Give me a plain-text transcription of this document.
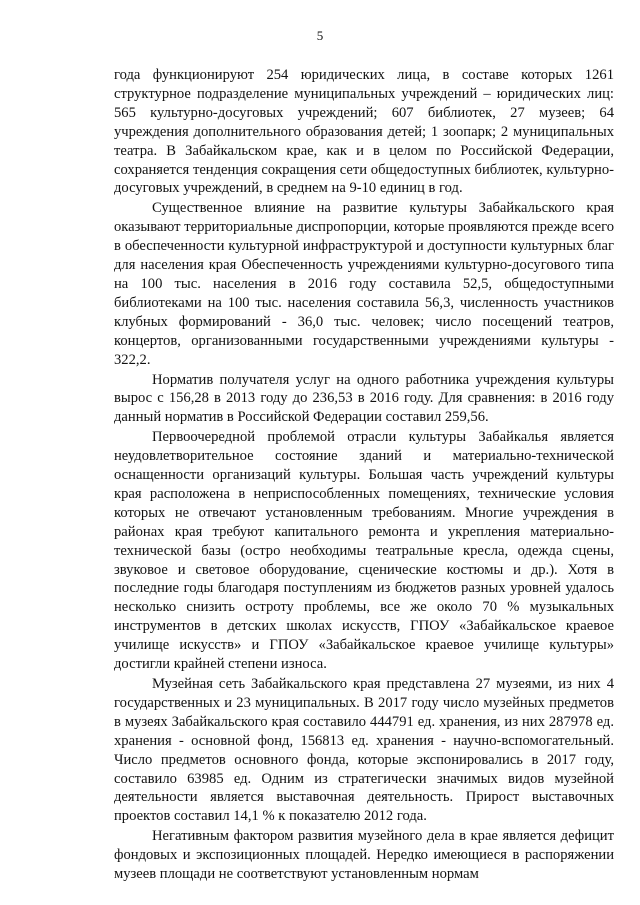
5

года функционируют 254 юридических лица, в составе которых 1261 структурное подразделение муниципальных учреждений – юридических лиц: 565 культурно-досуговых учреждений; 607 библиотек, 27 музеев; 64 учреждения дополнительного образования детей; 1 зоопарк; 2 муниципальных театра. В Забайкальском крае, как и в целом по Российской Федерации, сохраняется тенденция сокращения сети общедоступных библиотек, культурно-досуговых учреждений, в среднем на 9-10 единиц в год.

Существенное влияние на развитие культуры Забайкальского края оказывают территориальные диспропорции, которые проявляются прежде всего в обеспеченности культурной инфраструктурой и доступности культурных благ для населения края Обеспеченность учреждениями культурно-досугового типа на 100 тыс. населения в 2016 году составила 52,5, общедоступными библиотеками на 100 тыс. населения составила 56,3, численность участников клубных формирований - 36,0 тыс. человек; число посещений театров, концертов, организованными государственными учреждениями культуры - 322,2.

Норматив получателя услуг на одного работника учреждения культуры вырос с 156,28 в 2013 году до 236,53 в 2016 году. Для сравнения: в 2016 году данный норматив в Российской Федерации составил 259,56.

Первоочередной проблемой отрасли культуры Забайкалья является неудовлетворительное состояние зданий и материально-технической оснащенности организаций культуры. Большая часть учреждений культуры края расположена в неприспособленных помещениях, технические условия которых не отвечают установленным требованиям. Многие учреждения в районах края требуют капитального ремонта и укрепления материально-технической базы (остро необходимы театральные кресла, одежда сцены, звуковое и световое оборудование, сценические костюмы и др.). Хотя в последние годы благодаря поступлениям из бюджетов разных уровней удалось несколько снизить остроту проблемы, все же около 70 % музыкальных инструментов в детских школах искусств, ГПОУ «Забайкальское краевое училище искусств» и ГПОУ «Забайкальское краевое училище культуры» достигли крайней степени износа.

Музейная сеть Забайкальского края представлена 27 музеями, из них 4 государственных и 23 муниципальных. В 2017 году число музейных предметов в музеях Забайкальского края составило 444791 ед. хранения, из них 287978 ед. хранения - основной фонд, 156813 ед. хранения - научно-вспомогательный. Число предметов основного фонда, которые экспонировались в 2017 году, составило 63985 ед. Одним из стратегически значимых видов музейной деятельности является выставочная деятельность. Прирост выставочных проектов составил 14,1 % к показателю 2012 года.

Негативным фактором развития музейного дела в крае является дефицит фондовых и экспозиционных площадей. Нередко имеющиеся в распоряжении музеев площади не соответствуют установленным нормам
